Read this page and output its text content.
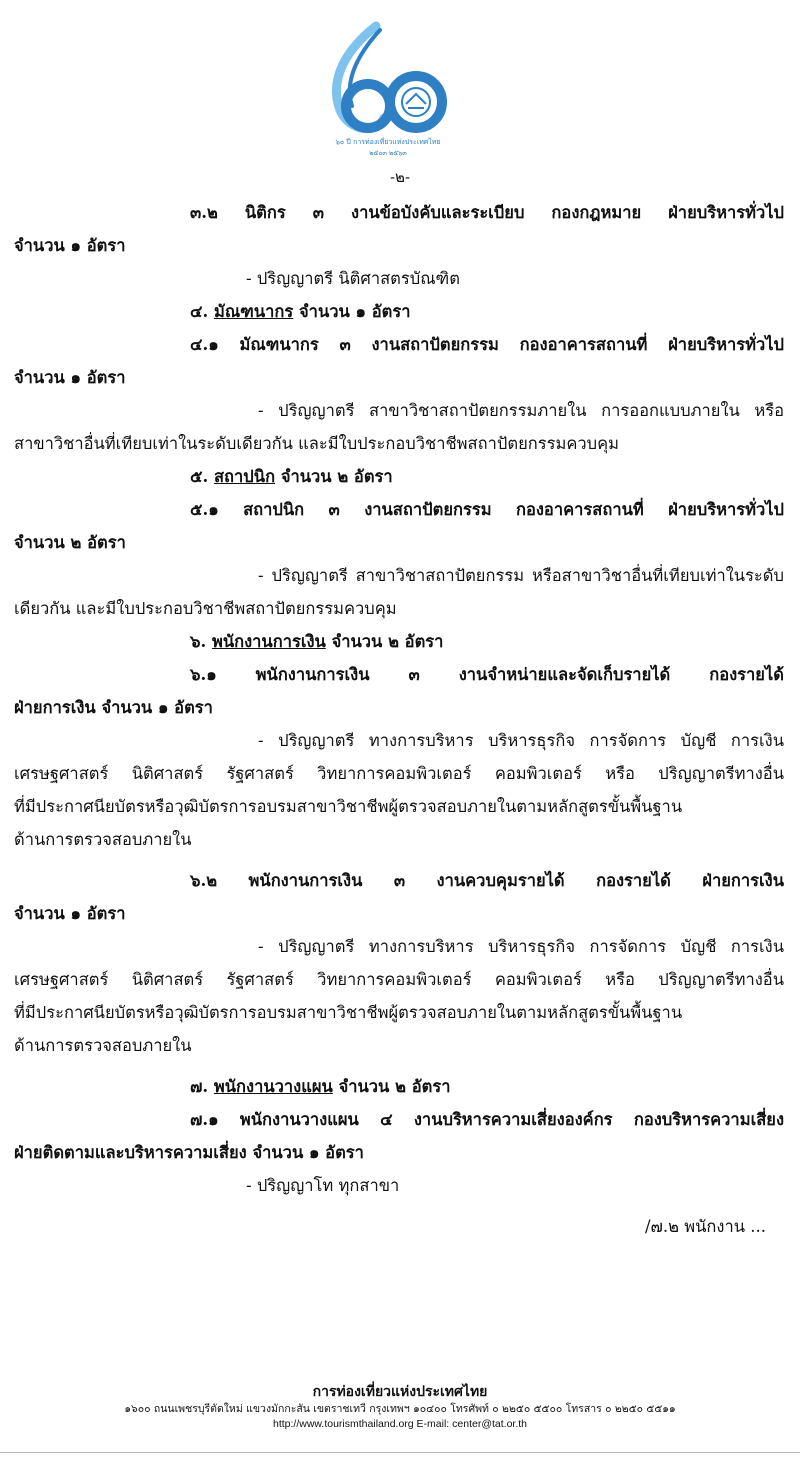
๖๐ ปี การท่องเที่ยวแห่งประเทศไทย
๒๕๐๓ ๒๕๖๓
-๒-
๓.๒ นิติกร ๓ งานข้อบังคับและระเบียบ กองกฎหมาย ฝ่ายบริหารทั่วไป
จำนวน ๑ อัตรา
- ปริญญาตรี นิติศาสตรบัณฑิต
๔. มัณฑนากร จำนวน ๑ อัตรา
๔.๑ มัณฑนากร ๓ งานสถาปัตยกรรม กองอาคารสถานที่ ฝ่ายบริหารทั่วไป
จำนวน ๑ อัตรา
- ปริญญาตรี สาขาวิชาสถาปัตยกรรมภายใน การออกแบบภายใน หรือ
สาขาวิชาอื่นที่เทียบเท่าในระดับเดียวกัน และมีใบประกอบวิชาชีพสถาปัตยกรรมควบคุม
๕. สถาปนิก จำนวน ๒ อัตรา
๕.๑ สถาปนิก ๓ งานสถาปัตยกรรม กองอาคารสถานที่ ฝ่ายบริหารทั่วไป
จำนวน ๒ อัตรา
- ปริญญาตรี สาขาวิชาสถาปัตยกรรม หรือสาขาวิชาอื่นที่เทียบเท่าในระดับ
เดียวกัน และมีใบประกอบวิชาชีพสถาปัตยกรรมควบคุม
๖. พนักงานการเงิน จำนวน ๒ อัตรา
๖.๑ พนักงานการเงิน ๓ งานจำหน่ายและจัดเก็บรายได้ กองรายได้
ฝ่ายการเงิน จำนวน ๑ อัตรา
- ปริญญาตรี ทางการบริหาร บริหารธุรกิจ การจัดการ บัญชี การเงิน
เศรษฐศาสตร์ นิติศาสตร์ รัฐศาสตร์ วิทยาการคอมพิวเตอร์ คอมพิวเตอร์ หรือ ปริญญาตรีทางอื่น
ที่มีประกาศนียบัตรหรือวุฒิบัตรการอบรมสาขาวิชาชีพผู้ตรวจสอบภายในตามหลักสูตรขั้นพื้นฐาน
ด้านการตรวจสอบภายใน
๖.๒ พนักงานการเงิน ๓ งานควบคุมรายได้ กองรายได้ ฝ่ายการเงิน
จำนวน ๑ อัตรา
- ปริญญาตรี ทางการบริหาร บริหารธุรกิจ การจัดการ บัญชี การเงิน
เศรษฐศาสตร์ นิติศาสตร์ รัฐศาสตร์ วิทยาการคอมพิวเตอร์ คอมพิวเตอร์ หรือ ปริญญาตรีทางอื่น
ที่มีประกาศนียบัตรหรือวุฒิบัตรการอบรมสาขาวิชาชีพผู้ตรวจสอบภายในตามหลักสูตรขั้นพื้นฐาน
ด้านการตรวจสอบภายใน
๗. พนักงานวางแผน จำนวน ๒ อัตรา
๗.๑ พนักงานวางแผน ๔ งานบริหารความเสี่ยงองค์กร กองบริหารความเสี่ยง
ฝ่ายติดตามและบริหารความเสี่ยง จำนวน ๑ อัตรา
- ปริญญาโท ทุกสาขา
/๗.๒ พนักงาน ...
การท่องเที่ยวแห่งประเทศไทย
๑๖๐๐ ถนนเพชรบุรีตัดใหม่ แขวงมักกะสัน เขตราชเทวี กรุงเทพฯ ๑๐๔๐๐ โทรศัพท์ ๐ ๒๒๕๐ ๕๕๐๐ โทรสาร ๐ ๒๒๕๐ ๕๕๑๑
http://www.tourismthailand.org E-mail: center@tat.or.th
